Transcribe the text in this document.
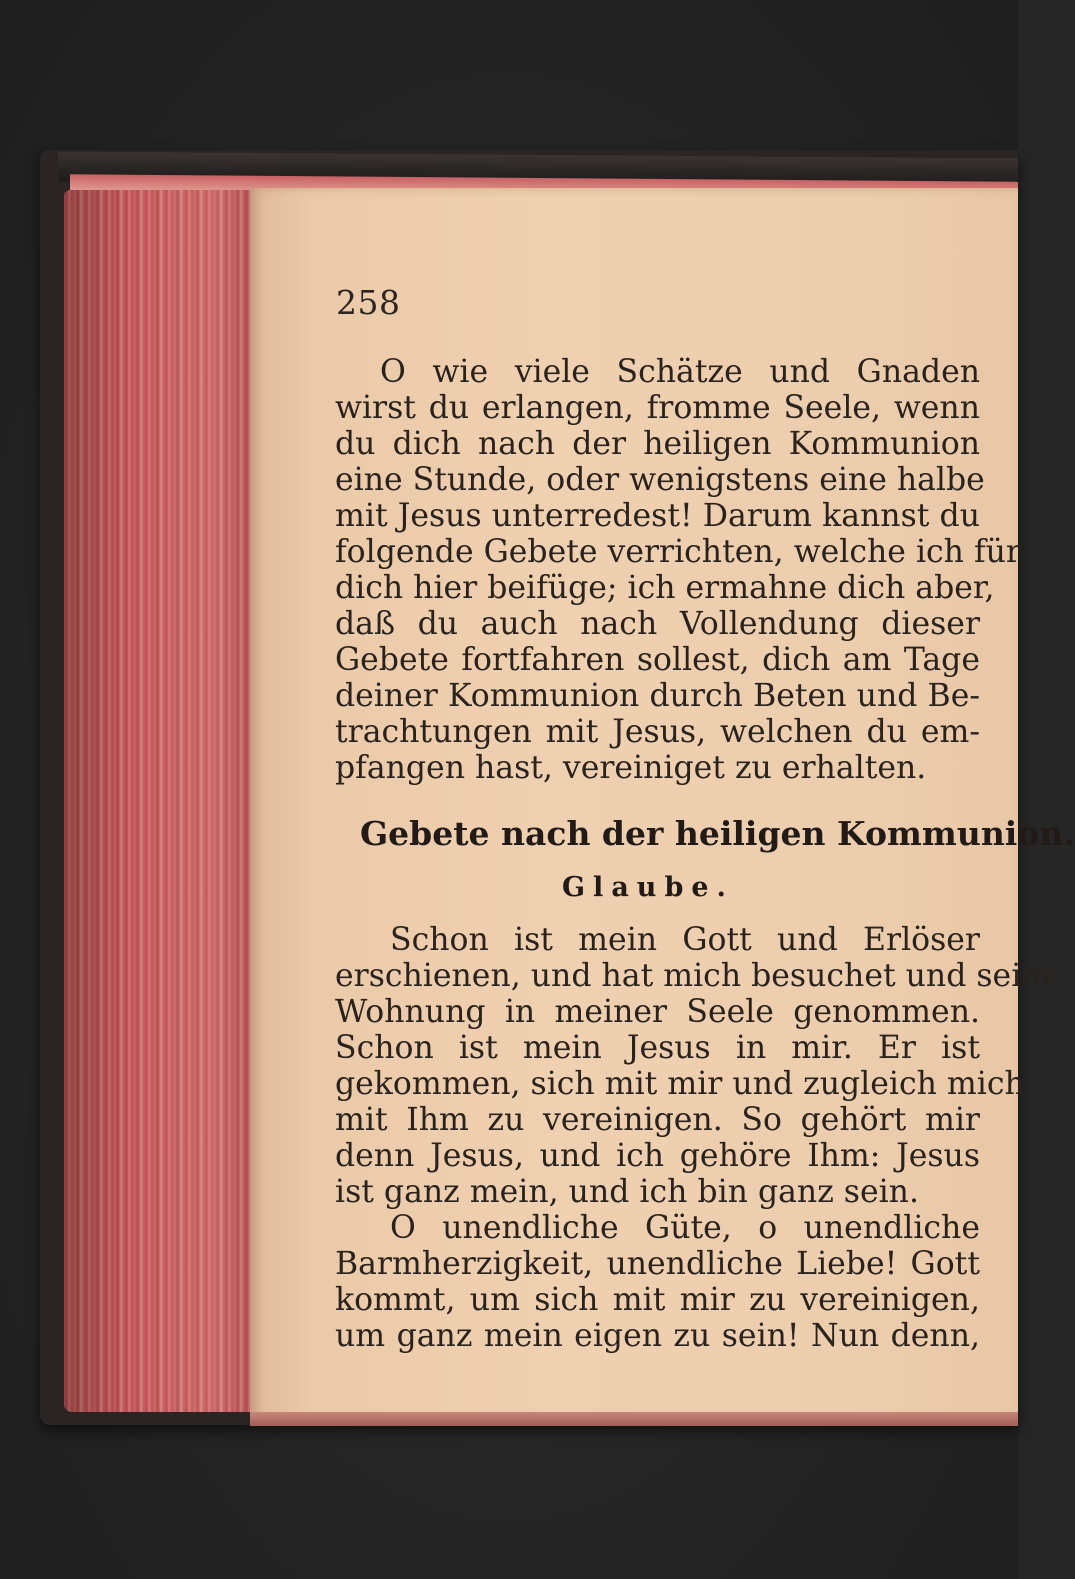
258
O wie viele Schätze und Gnaden
wirst du erlangen, fromme Seele, wenn
du dich nach der heiligen Kommunion
eine Stunde, oder wenigstens eine halbe
mit Jesus unterredest! Darum kannst du
folgende Gebete verrichten, welche ich für
dich hier beifüge; ich ermahne dich aber,
daß du auch nach Vollendung dieser
Gebete fortfahren sollest, dich am Tage
deiner Kommunion durch Beten und Be-
trachtungen mit Jesus, welchen du em-
pfangen hast, vereiniget zu erhalten.
Gebete nach der heiligen Kommunion.
Glaube.
Schon ist mein Gott und Erlöser
erschienen, und hat mich besuchet und seine
Wohnung in meiner Seele genommen.
Schon ist mein Jesus in mir. Er ist
gekommen, sich mit mir und zugleich mich
mit Ihm zu vereinigen. So gehört mir
denn Jesus, und ich gehöre Ihm: Jesus
ist ganz mein, und ich bin ganz sein.
O unendliche Güte, o unendliche
Barmherzigkeit, unendliche Liebe! Gott
kommt, um sich mit mir zu vereinigen,
um ganz mein eigen zu sein! Nun denn,
